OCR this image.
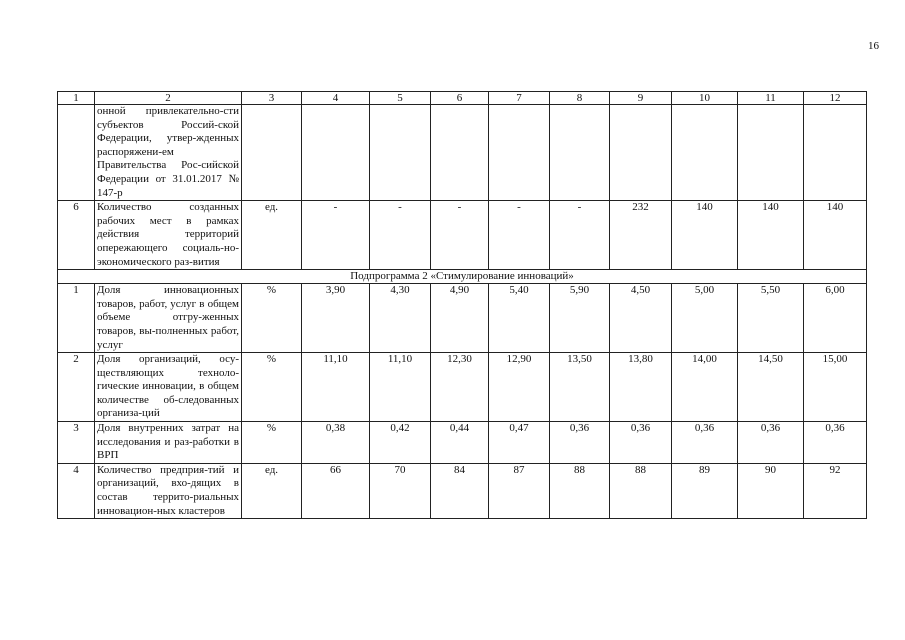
16
1	2	3	4	5	6	7	8	9	10	11	12
	онной привлекательно-сти субъектов Россий-ской Федерации, утвер-жденных распоряжени-ем Правительства Рос-сийской Федерации от 31.01.2017 № 147-р										
6	Количество созданных рабочих мест в рамках действия территорий опережающего социаль-но-экономического раз-вития	ед.	-	-	-	-	-	232	140	140	140
Подпрограмма 2 «Стимулирование инноваций»											
1	Доля инновационных товаров, работ, услуг в общем объеме отгру-женных товаров, вы-полненных работ, услуг	%	3,90	4,30	4,90	5,40	5,90	4,50	5,00	5,50	6,00
2	Доля организаций, осу-ществляющих техноло-гические инновации, в общем количестве об-следованных организа-ций	%	11,10	11,10	12,30	12,90	13,50	13,80	14,00	14,50	15,00
3	Доля внутренних затрат на исследования и раз-работки в ВРП	%	0,38	0,42	0,44	0,47	0,36	0,36	0,36	0,36	0,36
4	Количество предприя-тий и организаций, вхо-дящих в состав террито-риальных инновацион-ных кластеров	ед.	66	70	84	87	88	88	89	90	92
